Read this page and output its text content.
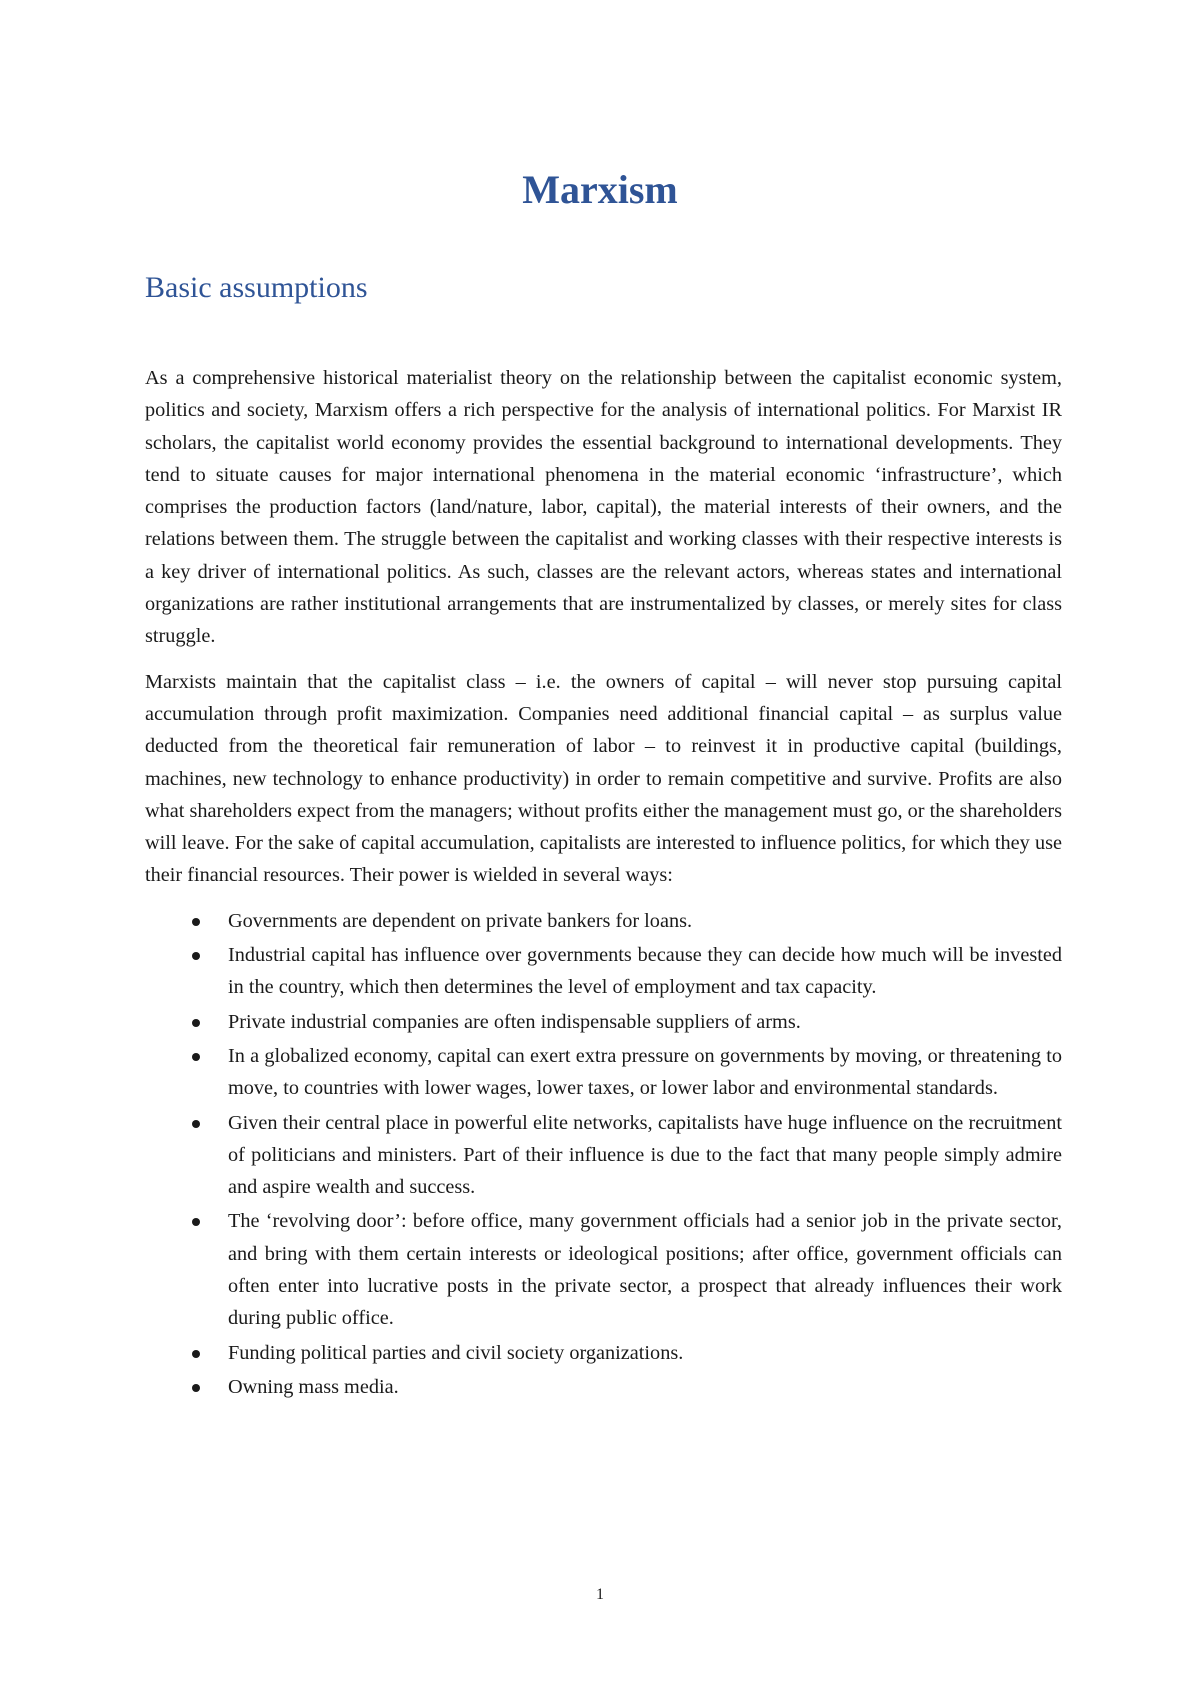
Marxism
Basic assumptions

As a comprehensive historical materialist theory on the relationship between the capitalist economic system, politics and society, Marxism offers a rich perspective for the analysis of international politics. For Marxist IR scholars, the capitalist world economy provides the essential background to international developments. They tend to situate causes for major international phenomena in the material economic ‘infrastructure’, which comprises the production factors (land/nature, labor, capital), the material interests of their owners, and the relations between them. The struggle between the capitalist and working classes with their respective interests is a key driver of international politics. As such, classes are the relevant actors, whereas states and international organizations are rather institutional arrangements that are instrumentalized by classes, or merely sites for class struggle.

Marxists maintain that the capitalist class – i.e. the owners of capital – will never stop pursuing capital accumulation through profit maximization. Companies need additional financial capital – as surplus value deducted from the theoretical fair remuneration of labor – to reinvest it in productive capital (buildings, machines, new technology to enhance productivity) in order to remain competitive and survive. Profits are also what shareholders expect from the managers; without profits either the management must go, or the shareholders will leave. For the sake of capital accumulation, capitalists are interested to influence politics, for which they use their financial resources. Their power is wielded in several ways:

Governments are dependent on private bankers for loans.
Industrial capital has influence over governments because they can decide how much will be invested in the country, which then determines the level of employment and tax capacity.
Private industrial companies are often indispensable suppliers of arms.
In a globalized economy, capital can exert extra pressure on governments by moving, or threatening to move, to countries with lower wages, lower taxes, or lower labor and environmental standards.
Given their central place in powerful elite networks, capitalists have huge influence on the recruitment of politicians and ministers. Part of their influence is due to the fact that many people simply admire and aspire wealth and success.
The ‘revolving door’: before office, many government officials had a senior job in the private sector, and bring with them certain interests or ideological positions; after office, government officials can often enter into lucrative posts in the private sector, a prospect that already influences their work during public office.
Funding political parties and civil society organizations.
Owning mass media.
1
